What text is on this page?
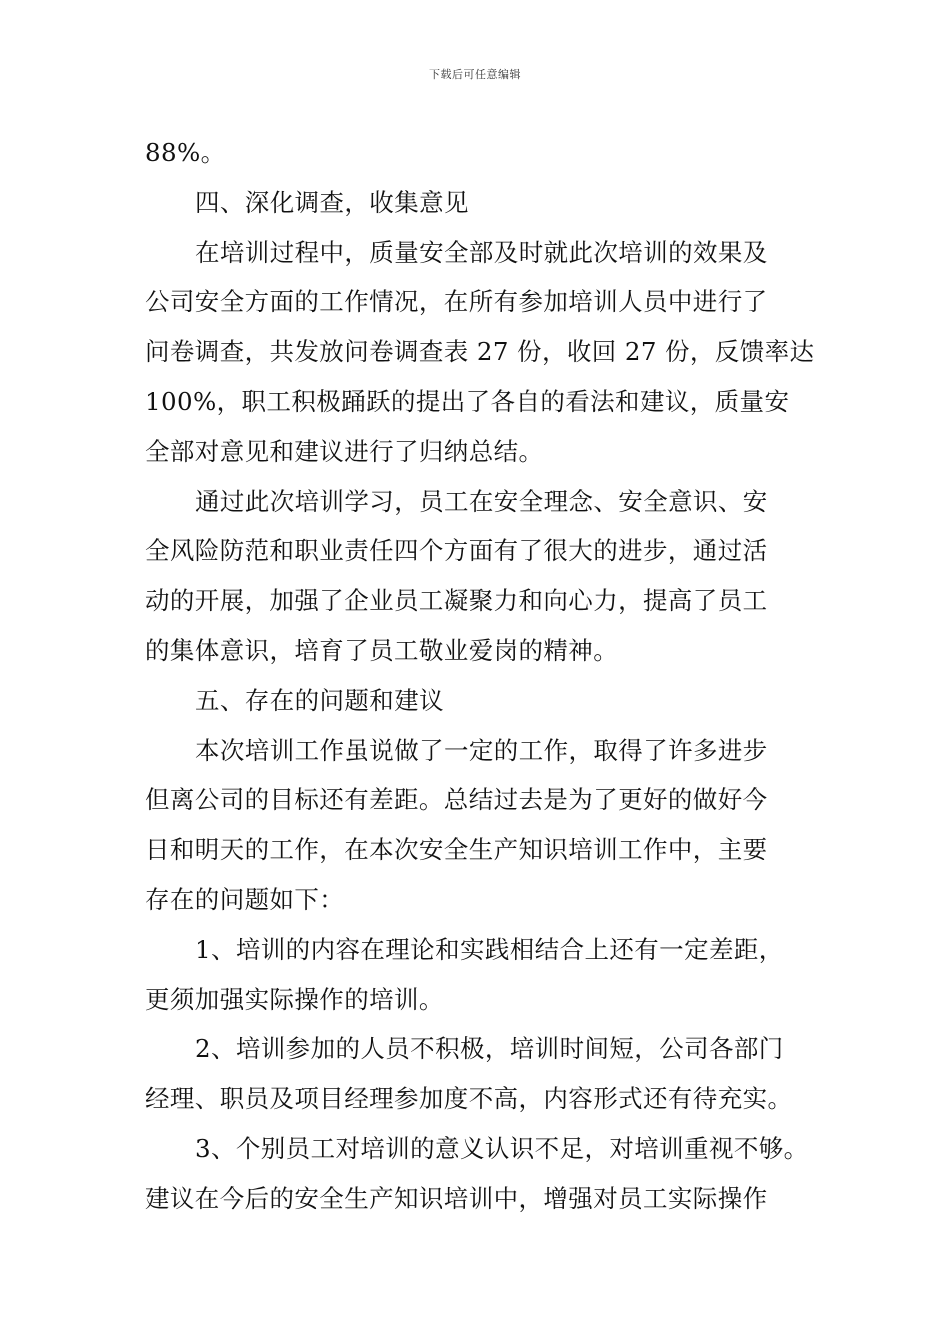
下载后可任意编辑
88%。
四、深化调查，收集意见
在培训过程中，质量安全部及时就此次培训的效果及
公司安全方面的工作情况，在所有参加培训人员中进行了
问卷调查，共发放问卷调查表 27 份，收回 27 份，反馈率达
100%，职工积极踊跃的提出了各自的看法和建议，质量安
全部对意见和建议进行了归纳总结。
通过此次培训学习，员工在安全理念、安全意识、安
全风险防范和职业责任四个方面有了很大的进步，通过活
动的开展，加强了企业员工凝聚力和向心力，提高了员工
的集体意识，培育了员工敬业爱岗的精神。
五、存在的问题和建议
本次培训工作虽说做了一定的工作，取得了许多进步
但离公司的目标还有差距。总结过去是为了更好的做好今
日和明天的工作，在本次安全生产知识培训工作中，主要
存在的问题如下：
1、培训的内容在理论和实践相结合上还有一定差距，
更须加强实际操作的培训。
2、培训参加的人员不积极，培训时间短，公司各部门
经理、职员及项目经理参加度不高，内容形式还有待充实。
3、个别员工对培训的意义认识不足，对培训重视不够。
建议在今后的安全生产知识培训中，增强对员工实际操作
